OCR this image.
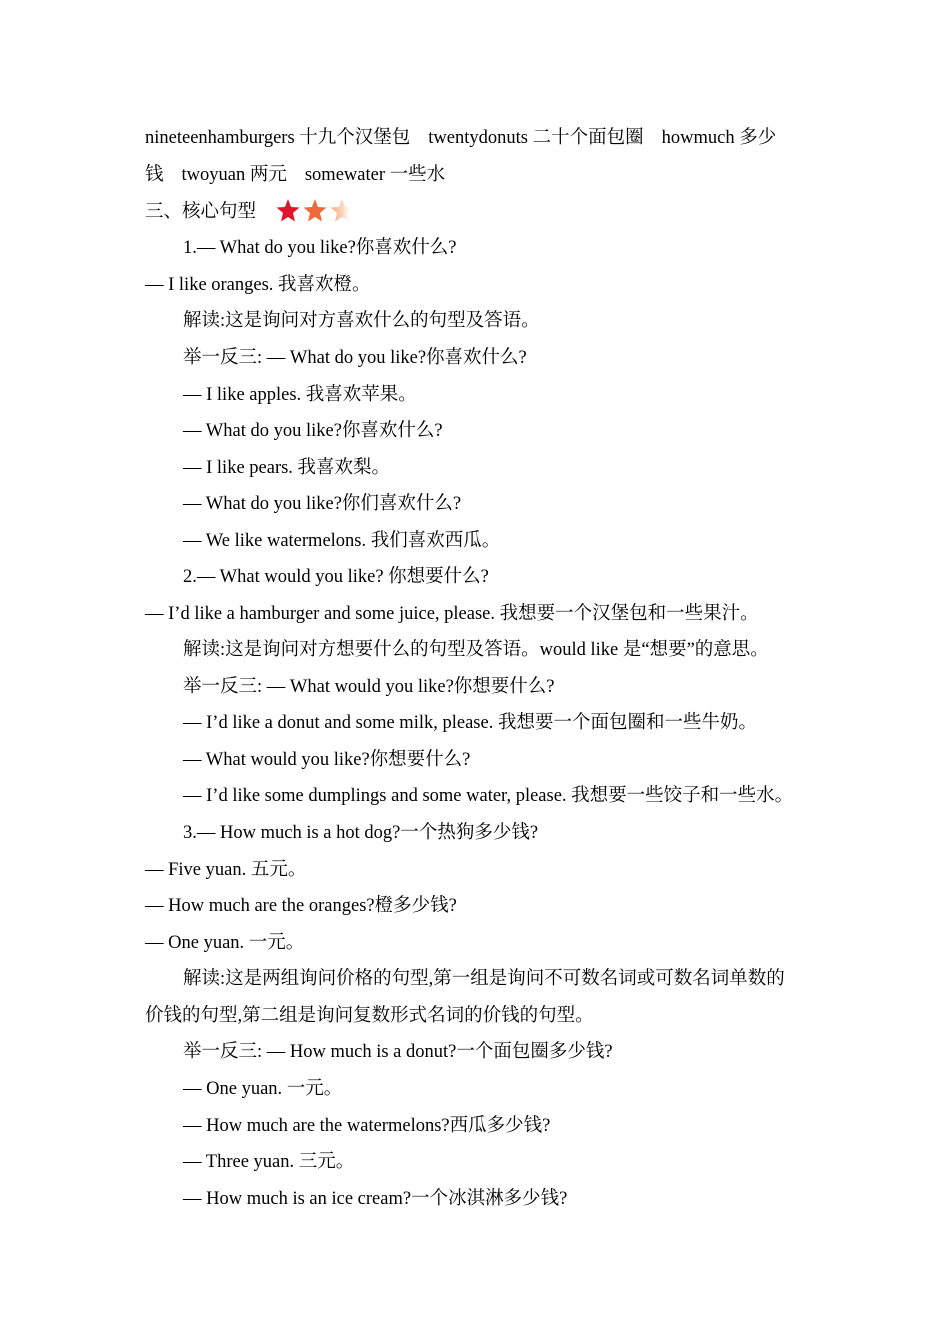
nineteenhamburgers 十九个汉堡包 twentydonuts 二十个面包圈 howmuch 多少
钱 twoyuan 两元 somewater 一些水
三、核心句型
1.— What do you like?你喜欢什么?
— I like oranges. 我喜欢橙。
解读:这是询问对方喜欢什么的句型及答语。
举一反三: — What do you like?你喜欢什么?
— I like apples. 我喜欢苹果。
— What do you like?你喜欢什么?
— I like pears. 我喜欢梨。
— What do you like?你们喜欢什么?
— We like watermelons. 我们喜欢西瓜。
2.— What would you like? 你想要什么?
— I’d like a hamburger and some juice, please. 我想要一个汉堡包和一些果汁。
解读:这是询问对方想要什么的句型及答语。would like 是“想要”的意思。
举一反三: — What would you like?你想要什么?
— I’d like a donut and some milk, please. 我想要一个面包圈和一些牛奶。
— What would you like?你想要什么?
— I’d like some dumplings and some water, please. 我想要一些饺子和一些水。
3.— How much is a hot dog?一个热狗多少钱?
— Five yuan. 五元。
— How much are the oranges?橙多少钱?
— One yuan. 一元。
解读:这是两组询问价格的句型,第一组是询问不可数名词或可数名词单数的
价钱的句型,第二组是询问复数形式名词的价钱的句型。
举一反三: — How much is a donut?一个面包圈多少钱?
— One yuan. 一元。
— How much are the watermelons?西瓜多少钱?
— Three yuan. 三元。
— How much is an ice cream?一个冰淇淋多少钱?
